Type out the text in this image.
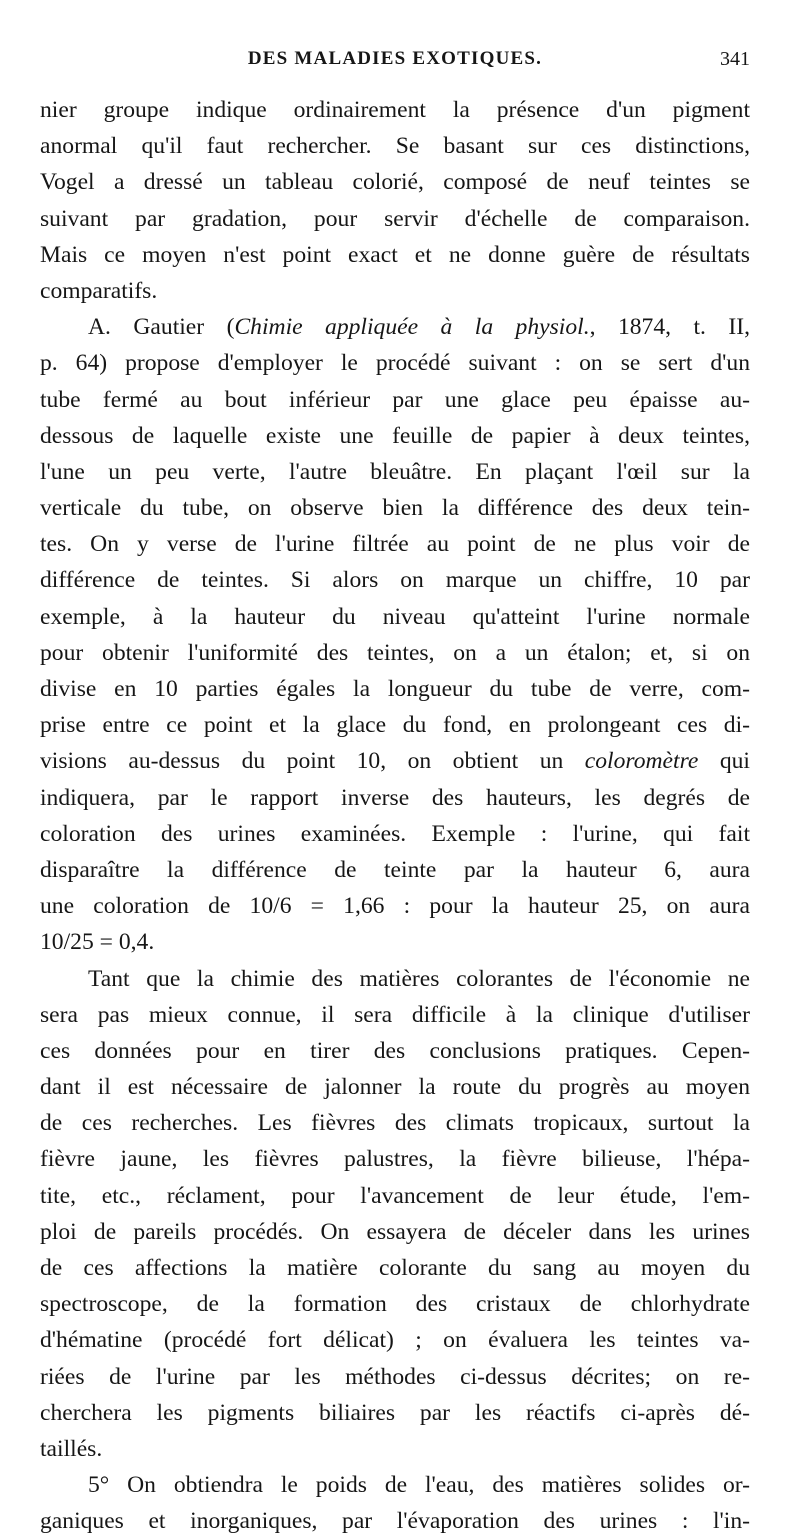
DES MALADIES EXOTIQUES.	341
nier groupe indique ordinairement la présence d'un pigment
anormal qu'il faut rechercher. Se basant sur ces distinctions,
Vogel a dressé un tableau colorié, composé de neuf teintes se
suivant par gradation, pour servir d'échelle de comparaison.
Mais ce moyen n'est point exact et ne donne guère de résultats
comparatifs.
A. Gautier (Chimie appliquée à la physiol., 1874, t. II,
p. 64) propose d'employer le procédé suivant : on se sert d'un
tube fermé au bout inférieur par une glace peu épaisse au-
dessous de laquelle existe une feuille de papier à deux teintes,
l'une un peu verte, l'autre bleuâtre. En plaçant l'œil sur la
verticale du tube, on observe bien la différence des deux tein-
tes. On y verse de l'urine filtrée au point de ne plus voir de
différence de teintes. Si alors on marque un chiffre, 10 par
exemple, à la hauteur du niveau qu'atteint l'urine normale
pour obtenir l'uniformité des teintes, on a un étalon; et, si on
divise en 10 parties égales la longueur du tube de verre, com-
prise entre ce point et la glace du fond, en prolongeant ces di-
visions au-dessus du point 10, on obtient un coloromètre qui
indiquera, par le rapport inverse des hauteurs, les degrés de
coloration des urines examinées. Exemple : l'urine, qui fait
disparaître la différence de teinte par la hauteur 6, aura
une coloration de 10/6 = 1,66 : pour la hauteur 25, on aura
10/25 = 0,4.
Tant que la chimie des matières colorantes de l'économie ne
sera pas mieux connue, il sera difficile à la clinique d'utiliser
ces données pour en tirer des conclusions pratiques. Cepen-
dant il est nécessaire de jalonner la route du progrès au moyen
de ces recherches. Les fièvres des climats tropicaux, surtout la
fièvre jaune, les fièvres palustres, la fièvre bilieuse, l'hépa-
tite, etc., réclament, pour l'avancement de leur étude, l'em-
ploi de pareils procédés. On essayera de déceler dans les urines
de ces affections la matière colorante du sang au moyen du
spectroscope, de la formation des cristaux de chlorhydrate
d'hématine (procédé fort délicat) ; on évaluera les teintes va-
riées de l'urine par les méthodes ci-dessus décrites; on re-
cherchera les pigments biliaires par les réactifs ci-après dé-
taillés.
5° On obtiendra le poids de l'eau, des matières solides or-
ganiques et inorganiques, par l'évaporation des urines : l'in-
